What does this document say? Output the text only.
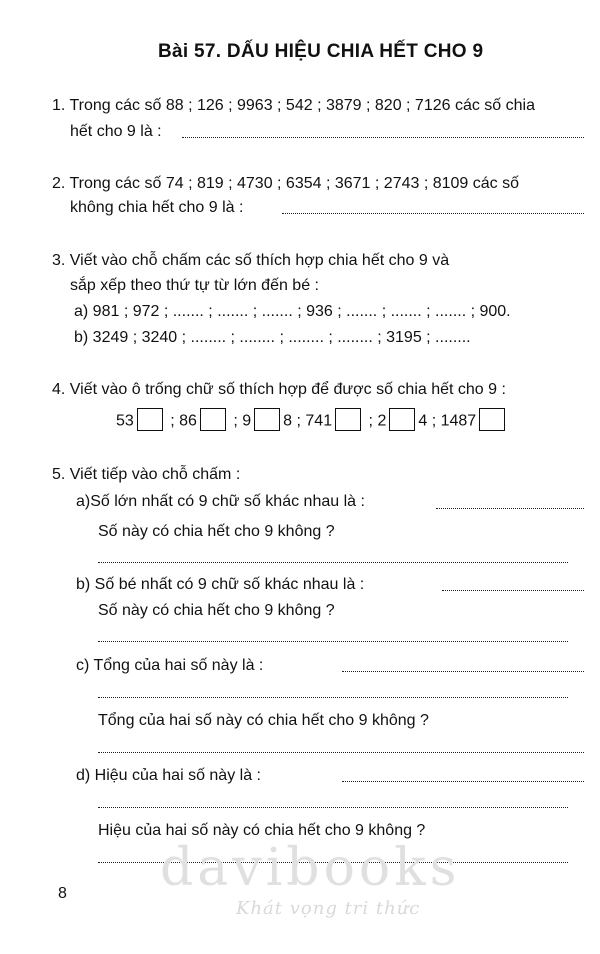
Bài 57. DẤU HIỆU CHIA HẾT CHO 9
1. Trong các số 88 ; 126 ; 9963 ; 542 ; 3879 ; 820 ; 7126 các số chia
hết cho 9 là :
2. Trong các số 74 ; 819 ; 4730 ; 6354 ; 3671 ; 2743 ; 8109 các số
không chia hết cho 9 là :
3. Viết vào chỗ chấm các số thích hợp chia hết cho 9 và
sắp xếp theo thứ tự từ lớn đến bé :
a) 981 ; 972 ; ....... ; ....... ; ....... ; 936 ; ....... ; ....... ; ....... ; 900.
b) 3249 ; 3240 ; ........ ; ........ ; ........ ; ........ ; 3195 ; ........
4. Viết vào ô trống chữ số thích hợp để được số chia hết cho 9 :
53 ; 86 ; 9 8 ; 741 ; 2 4 ; 1487
5. Viết tiếp vào chỗ chấm :
a)Số lớn nhất có 9 chữ số khác nhau là :
Số này có chia hết cho 9 không ?
b) Số bé nhất có 9 chữ số khác nhau là :
Số này có chia hết cho 9 không ?
c) Tổng của hai số này là :
Tổng của hai số này có chia hết cho 9 không ?
d) Hiệu của hai số này là :
Hiệu của hai số này có chia hết cho 9 không ?
davibooks
Khát vọng tri thức
8
